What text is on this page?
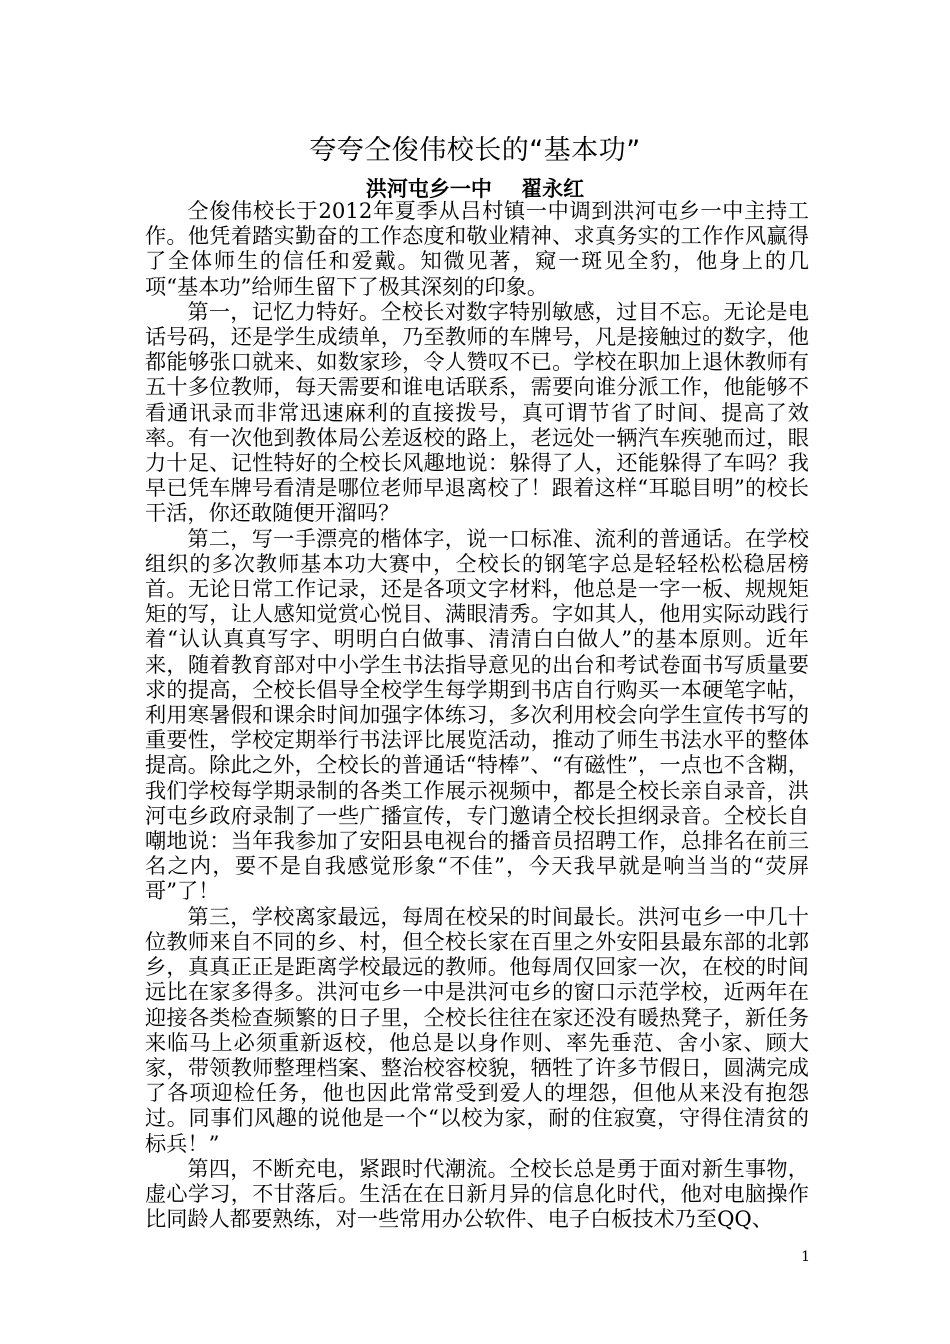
夸夸仝俊伟校长的“基本功”
洪河屯乡一中    翟永红

仝俊伟校长于2012年夏季从吕村镇一中调到洪河屯乡一中主持工作。他凭着踏实勤奋的工作态度和敬业精神、求真务实的工作作风赢得了全体师生的信任和爱戴。知微见著，窥一斑见全豹，他身上的几项“基本功”给师生留下了极其深刻的印象。

第一，记忆力特好。仝校长对数字特别敏感，过目不忘。无论是电话号码，还是学生成绩单，乃至教师的车牌号，凡是接触过的数字，他都能够张口就来、如数家珍，令人赞叹不已。学校在职加上退休教师有五十多位教师，每天需要和谁电话联系，需要向谁分派工作，他能够不看通讯录而非常迅速麻利的直接拨号，真可谓节省了时间、提高了效率。有一次他到教体局公差返校的路上，老远处一辆汽车疾驰而过，眼力十足、记性特好的仝校长风趣地说：躲得了人，还能躲得了车吗？我早已凭车牌号看清是哪位老师早退离校了！跟着这样“耳聪目明”的校长干活，你还敢随便开溜吗？

第二，写一手漂亮的楷体字，说一口标准、流利的普通话。在学校组织的多次教师基本功大赛中，仝校长的钢笔字总是轻轻松松稳居榜首。无论日常工作记录，还是各项文字材料，他总是一字一板、规规矩矩的写，让人感知觉赏心悦目、满眼清秀。字如其人，他用实际动践行着“认认真真写字、明明白白做事、清清白白做人”的基本原则。近年来，随着教育部对中小学生书法指导意见的出台和考试卷面书写质量要求的提高，仝校长倡导全校学生每学期到书店自行购买一本硬笔字帖，利用寒暑假和课余时间加强字体练习，多次利用校会向学生宣传书写的重要性，学校定期举行书法评比展览活动，推动了师生书法水平的整体提高。除此之外，仝校长的普通话“特棒”、“有磁性”，一点也不含糊，我们学校每学期录制的各类工作展示视频中，都是仝校长亲自录音，洪河屯乡政府录制了一些广播宣传，专门邀请仝校长担纲录音。仝校长自嘲地说：当年我参加了安阳县电视台的播音员招聘工作，总排名在前三名之内，要不是自我感觉形象“不佳”，今天我早就是响当当的“荧屏哥”了！

第三，学校离家最远，每周在校呆的时间最长。洪河屯乡一中几十位教师来自不同的乡、村，但仝校长家在百里之外安阳县最东部的北郭乡，真真正正是距离学校最远的教师。他每周仅回家一次，在校的时间远比在家多得多。洪河屯乡一中是洪河屯乡的窗口示范学校，近两年在迎接各类检查频繁的日子里，仝校长往往在家还没有暖热凳子，新任务来临马上必须重新返校，他总是以身作则、率先垂范、舍小家、顾大家，带领教师整理档案、整治校容校貌，牺牲了许多节假日，圆满完成了各项迎检任务，他也因此常常受到爱人的埋怨，但他从来没有抱怨过。同事们风趣的说他是一个“以校为家，耐的住寂寞，守得住清贫的标兵！”

第四，不断充电，紧跟时代潮流。仝校长总是勇于面对新生事物，虚心学习，不甘落后。生活在在日新月异的信息化时代，他对电脑操作比同龄人都要熟练，对一些常用办公软件、电子白板技术乃至QQ、

1
